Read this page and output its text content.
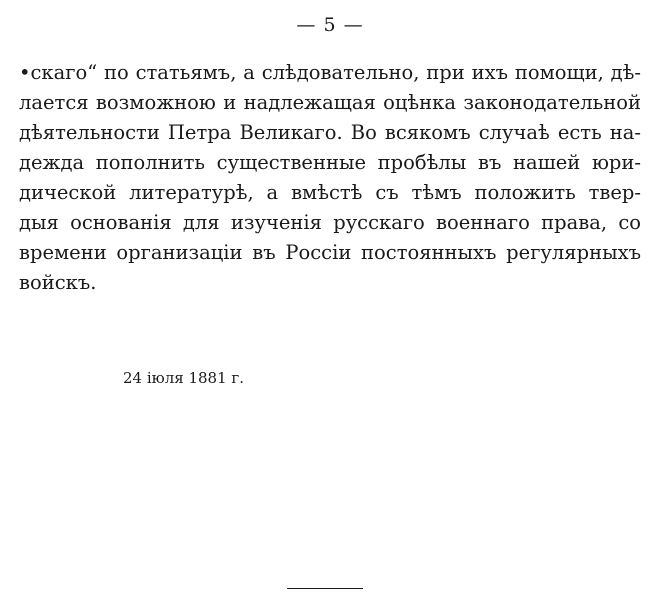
— 5 —
•скаго“ по статьямъ, а слѣдовательно, при ихъ помощи, дѣ-
лается возможною и надлежащая оцѣнка законодательной
дѣятельности Петра Великаго. Во всякомъ случаѣ есть на-
дежда пополнить существенные пробѣлы въ нашей юри-
дической литературѣ, а вмѣстѣ съ тѣмъ положить твер-
дыя основанія для изученія русскаго военнаго права, со
времени организаціи въ Россіи постоянныхъ регулярныхъ
войскъ.
24 іюля 1881 г.
